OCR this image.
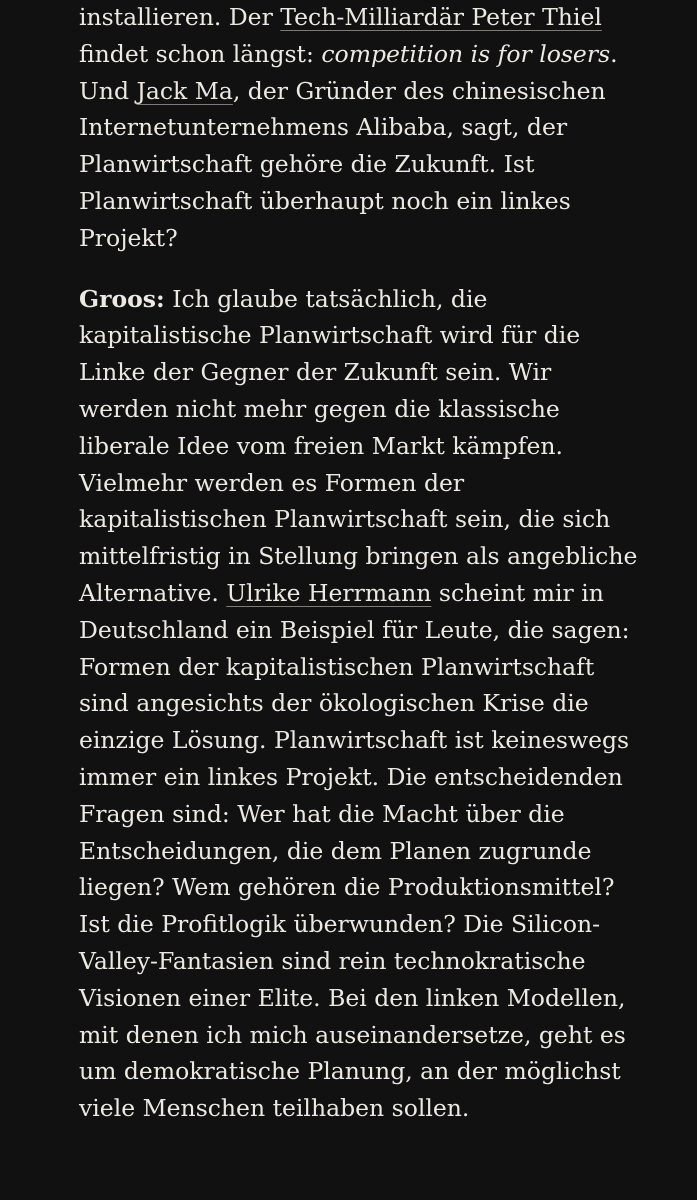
installieren. Der Tech-Milliardär Peter Thiel findet schon längst: competition is for losers. Und Jack Ma, der Gründer des chinesischen Internetunternehmens Alibaba, sagt, der Planwirtschaft gehöre die Zukunft. Ist Planwirtschaft überhaupt noch ein linkes Projekt?

Groos: Ich glaube tatsächlich, die kapitalistische Planwirtschaft wird für die Linke der Gegner der Zukunft sein. Wir werden nicht mehr gegen die klassische liberale Idee vom freien Markt kämpfen. Vielmehr werden es Formen der kapitalistischen Planwirtschaft sein, die sich mittelfristig in Stellung bringen als angebliche Alternative. Ulrike Herrmann scheint mir in Deutschland ein Beispiel für Leute, die sagen: Formen der kapitalistischen Planwirtschaft sind angesichts der ökologischen Krise die einzige Lösung. Planwirtschaft ist keineswegs immer ein linkes Projekt. Die entscheidenden Fragen sind: Wer hat die Macht über die Entscheidungen, die dem Planen zugrunde liegen? Wem gehören die Produktionsmittel? Ist die Profitlogik überwunden? Die Silicon-Valley-Fantasien sind rein technokratische Visionen einer Elite. Bei den linken Modellen, mit denen ich mich auseinandersetze, geht es um demokratische Planung, an der möglichst viele Menschen teilhaben sollen.
